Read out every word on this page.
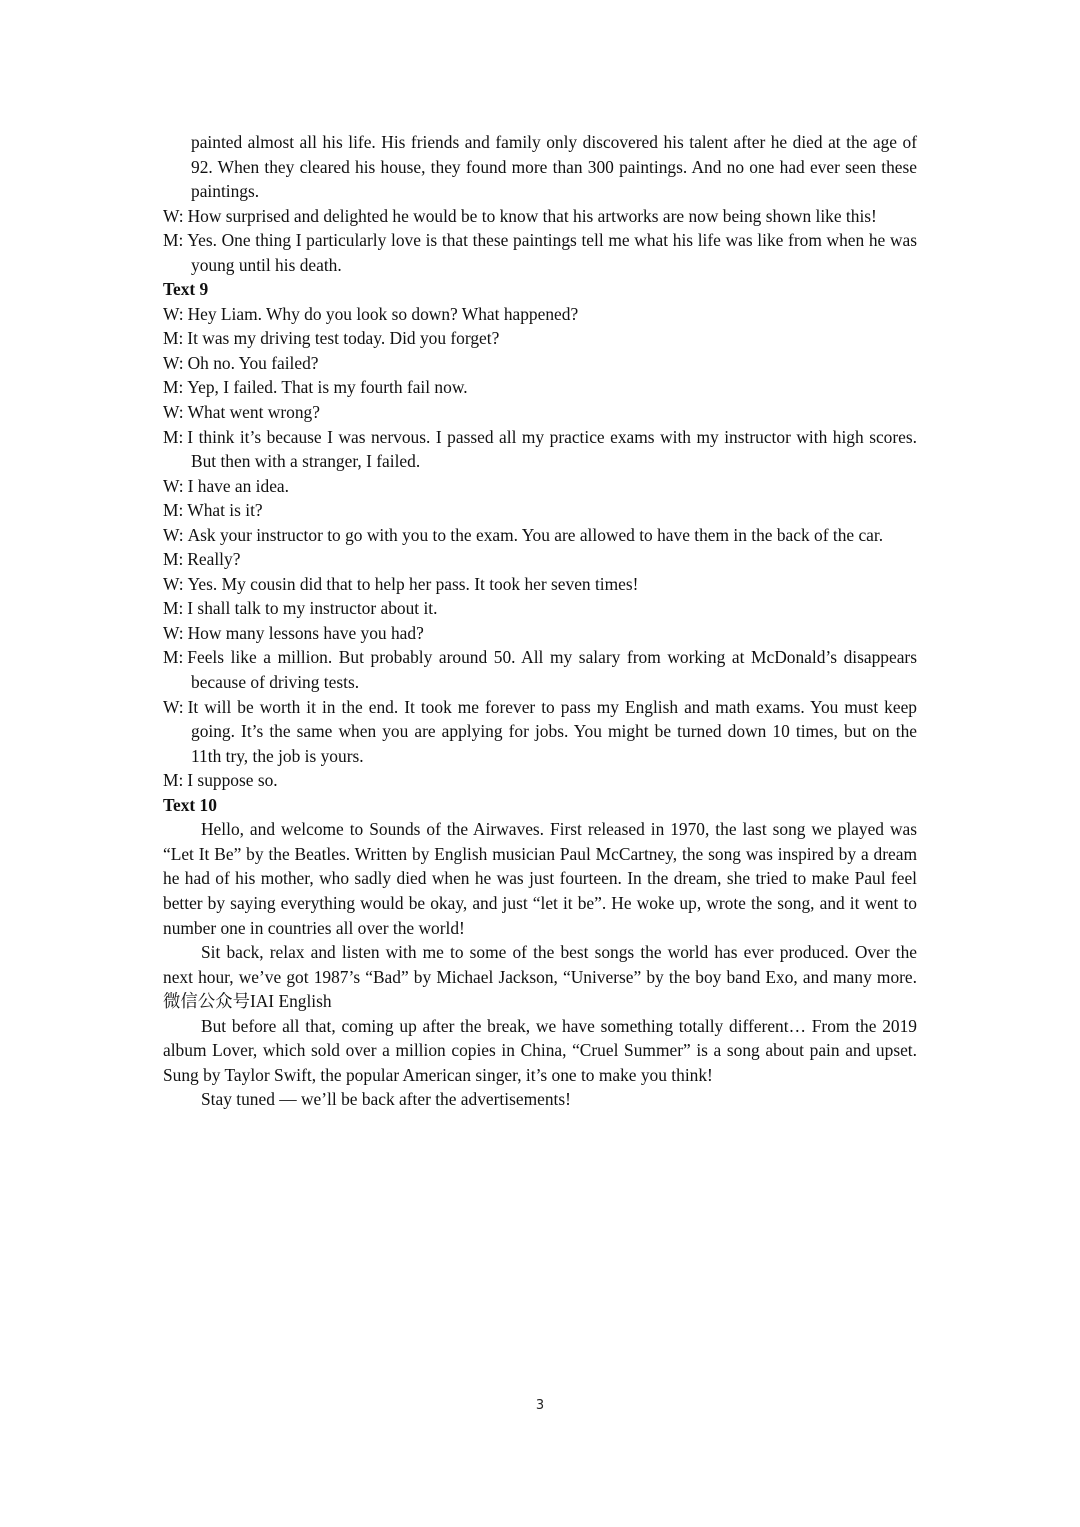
painted almost all his life. His friends and family only discovered his talent after he died at the age of 92. When they cleared his house, they found more than 300 paintings. And no one had ever seen these paintings.
W: How surprised and delighted he would be to know that his artworks are now being shown like this!
M: Yes. One thing I particularly love is that these paintings tell me what his life was like from when he was young until his death.
Text 9
W: Hey Liam. Why do you look so down? What happened?
M: It was my driving test today. Did you forget?
W: Oh no. You failed?
M: Yep, I failed. That is my fourth fail now.
W: What went wrong?
M: I think it’s because I was nervous. I passed all my practice exams with my instructor with high scores. But then with a stranger, I failed.
W: I have an idea.
M: What is it?
W: Ask your instructor to go with you to the exam. You are allowed to have them in the back of the car.
M: Really?
W: Yes. My cousin did that to help her pass. It took her seven times!
M: I shall talk to my instructor about it.
W: How many lessons have you had?
M: Feels like a million. But probably around 50. All my salary from working at McDonald’s disappears because of driving tests.
W: It will be worth it in the end. It took me forever to pass my English and math exams. You must keep going. It’s the same when you are applying for jobs. You might be turned down 10 times, but on the 11th try, the job is yours.
M: I suppose so.
Text 10
Hello, and welcome to Sounds of the Airwaves. First released in 1970, the last song we played was “Let It Be” by the Beatles. Written by English musician Paul McCartney, the song was inspired by a dream he had of his mother, who sadly died when he was just fourteen. In the dream, she tried to make Paul feel better by saying everything would be okay, and just “let it be”. He woke up, wrote the song, and it went to number one in countries all over the world!
Sit back, relax and listen with me to some of the best songs the world has ever produced. Over the next hour, we’ve got 1987’s “Bad” by Michael Jackson, “Universe” by the boy band Exo, and many more.微信公众号IAI English
But before all that, coming up after the break, we have something totally different… From the 2019 album Lover, which sold over a million copies in China, “Cruel Summer” is a song about pain and upset. Sung by Taylor Swift, the popular American singer, it’s one to make you think!
Stay tuned — we’ll be back after the advertisements!
3
